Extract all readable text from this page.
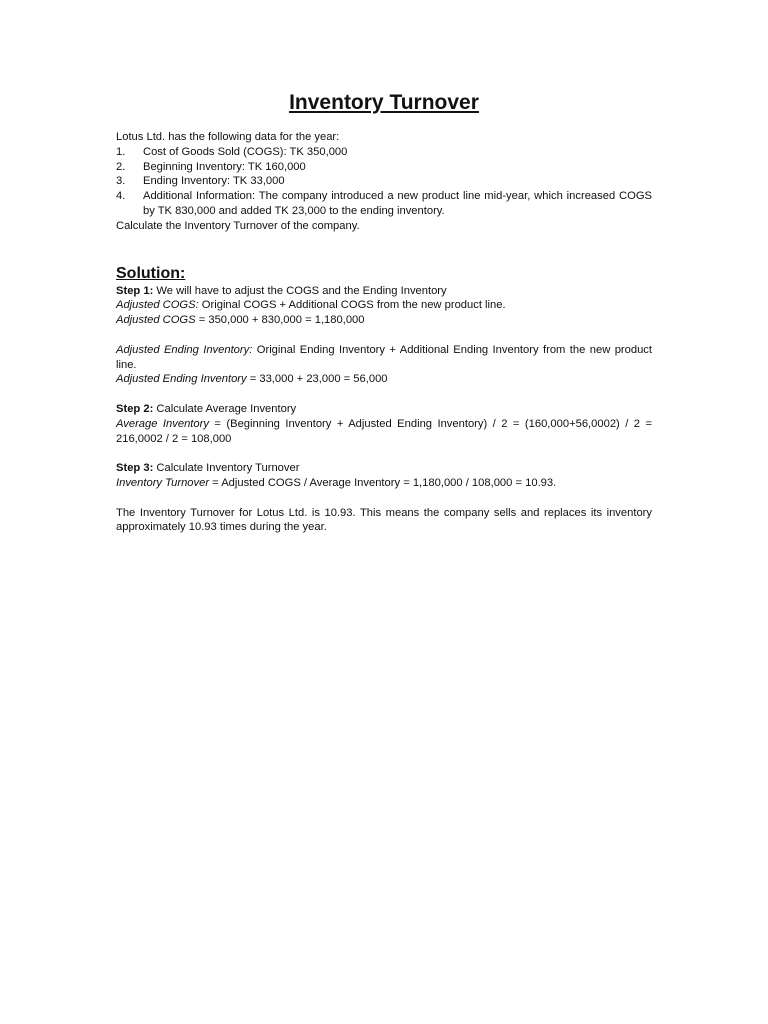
Inventory Turnover

Lotus Ltd. has the following data for the year:

1. Cost of Goods Sold (COGS): TK 350,000
2. Beginning Inventory: TK 160,000
3. Ending Inventory: TK 33,000
4. Additional Information: The company introduced a new product line mid-year, which increased COGS by TK 830,000 and added TK 23,000 to the ending inventory.

Calculate the Inventory Turnover of the company.

Solution:

Step 1: We will have to adjust the COGS and the Ending Inventory

Adjusted COGS: Original COGS + Additional COGS from the new product line.

Adjusted COGS = 350,000 + 830,000 = 1,180,000

Adjusted Ending Inventory: Original Ending Inventory + Additional Ending Inventory from the new product line.

Adjusted Ending Inventory = 33,000 + 23,000 = 56,000

Step 2: Calculate Average Inventory

Average Inventory = (Beginning Inventory + Adjusted Ending Inventory) / 2 = (160,000+56,0002) / 2 = 216,0002 / 2 = 108,000

Step 3: Calculate Inventory Turnover

Inventory Turnover = Adjusted COGS / Average Inventory = 1,180,000 / 108,000 = 10.93.

The Inventory Turnover for Lotus Ltd. is 10.93. This means the company sells and replaces its inventory approximately 10.93 times during the year.
